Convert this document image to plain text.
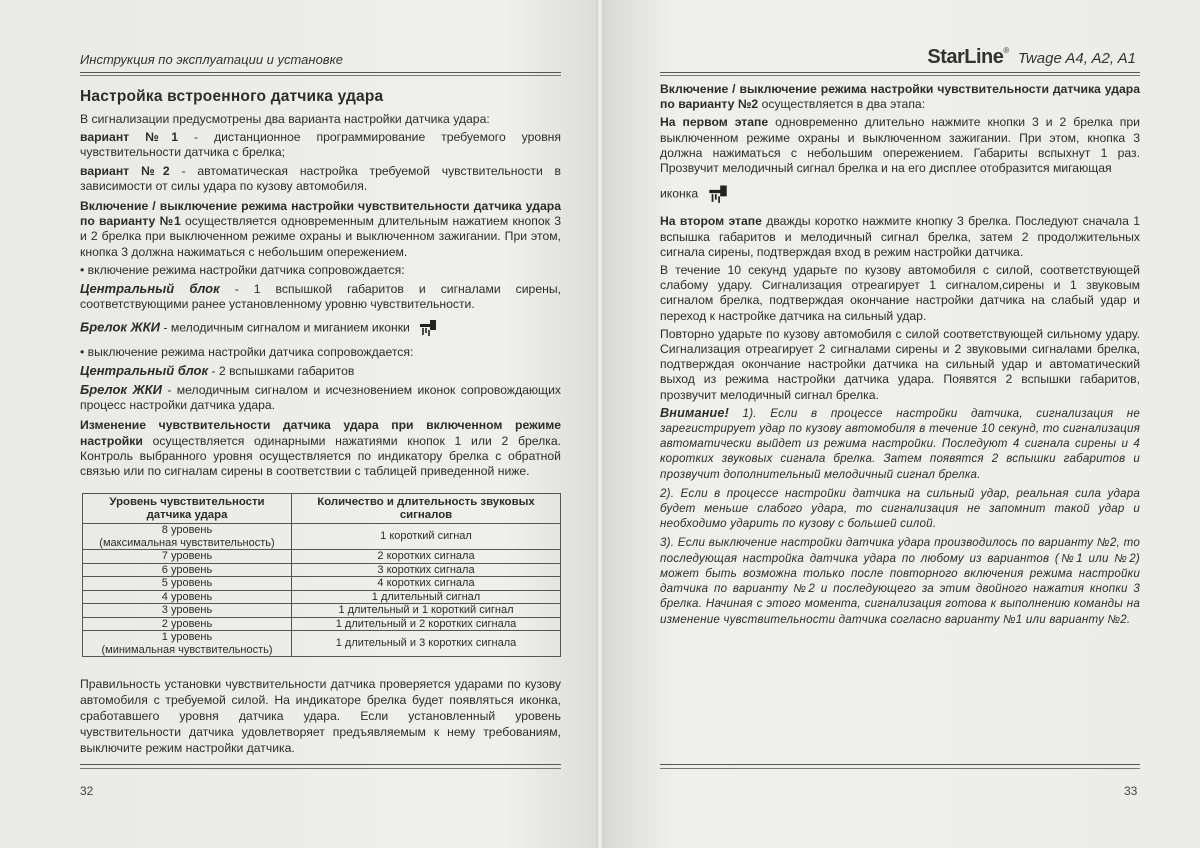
Инструкция по эксплуатации и установке
Настройка встроенного датчика удара

В сигнализации предусмотрены два варианта настройки датчика удара:

вариант №1 - дистанционное программирование требуемого уровня чувствительности датчика с брелка;

вариант №2 - автоматическая настройка требуемой чувствительности в зависимости от силы удара по кузову автомобиля.

Включение / выключение режима настройки чувствительности датчика удара по варианту №1 осуществляется одновременным длительным нажатием кнопок 3 и 2 брелка при выключенном режиме охраны и выключенном зажигании. При этом, кнопка 3 должна нажиматься с небольшим опережением.

• включение режима настройки датчика сопровождается:

Центральный блок - 1 вспышкой габаритов и сигналами сирены, соответствующими ранее установленному уровню чувствительности.

Брелок ЖКИ - мелодичным сигналом и миганием иконки

• выключение режима настройки датчика сопровождается:

Центральный блок - 2 вспышками габаритов

Брелок ЖКИ - мелодичным сигналом и исчезновением иконок сопровождающих процесс настройки датчика удара.

Изменение чувствительности датчика удара при включенном режиме настройки осуществляется одинарными нажатиями кнопок 1 или 2 брелка. Контроль выбранного уровня осуществляется по индикатору брелка с обратной связью или по сигналам сирены в соответствии с таблицей приведенной ниже.

Уровень чувствительности датчика удара	Количество и длительность звуковых сигналов

8 уровень
(максимальная чувствительность)	1 короткий сигнал
7 уровень	2 коротких сигнала
6 уровень	3 коротких сигнала
5 уровень	4 коротких сигнала
4 уровень	1 длительный сигнал
3 уровень	1 длительный и 1 короткий сигнал
2 уровень	1 длительный и 2 коротких сигнала

1 уровень
(минимальная чувствительность)	1 длительный и 3 коротких сигнала
Правильность установки чувствительности датчика проверяется ударами по кузову автомобиля с требуемой силой. На индикаторе брелка будет появляться иконка, сработавшего уровня датчика удара. Если установленный уровень чувствительности датчика удовлетворяет предъявляемым к нему требованиям, выключите режим настройки датчика.
32
StarLine® Twage A4, A2, A1

Включение / выключение режима настройки чувствительности датчика удара по варианту №2 осуществляется в два этапа:

На первом этапе одновременно длительно нажмите кнопки 3 и 2 брелка при выключенном режиме охраны и выключенном зажигании. При этом, кнопка 3 должна нажиматься с небольшим опережением. Габариты вспыхнут 1 раз. Прозвучит мелодичный сигнал брелка и на его дисплее отобразится мигающая

иконка

На втором этапе дважды коротко нажмите кнопку 3 брелка. Последуют сначала 1 вспышка габаритов и мелодичный сигнал брелка, затем 2 продолжительных сигнала сирены, подтверждая вход в режим настройки датчика.

В течение 10 секунд ударьте по кузову автомобиля с силой, соответствующей слабому удару. Сигнализация отреагирует 1 сигналом,сирены и 1 звуковым сигналом брелка, подтверждая окончание настройки датчика на слабый удар и переход к настройке датчика на сильный удар.

Повторно ударьте по кузову автомобиля с силой соответствующей сильному удару. Сигнализация отреагирует 2 сигналами сирены и 2 звуковыми сигналами брелка, подтверждая окончание настройки датчика на сильный удар и автоматический выход из режима настройки датчика удара. Появятся 2 вспышки габаритов, прозвучит мелодичный сигнал брелка.

Внимание! 1). Если в процессе настройки датчика, сигнализация не зарегистрирует удар по кузову автомобиля в течение 10 секунд, то сигнализация автоматически выйдет из режима настройки. Последуют 4 сигнала сирены и 4 коротких звуковых сигнала брелка. Затем появятся 2 вспышки габаритов и прозвучит дополнительный мелодичный сигнал брелка.

2). Если в процессе настройки датчика на сильный удар, реальная сила удара будет меньше слабого удара, то сигнализация не запомнит такой удар и необходимо ударить по кузову с большей силой.

3). Если выключение настройки датчика удара производилось по варианту №2, то последующая настройка датчика удара по любому из вариантов (№1 или №2) может быть возможна только после повторного включения режима настройки датчика по варианту №2 и последующего за этим двойного нажатия кнопки 3 брелка. Начиная с этого момента, сигнализация готова к выполнению команды на изменение чувствительности датчика согласно варианту №1 или варианту №2.

33
